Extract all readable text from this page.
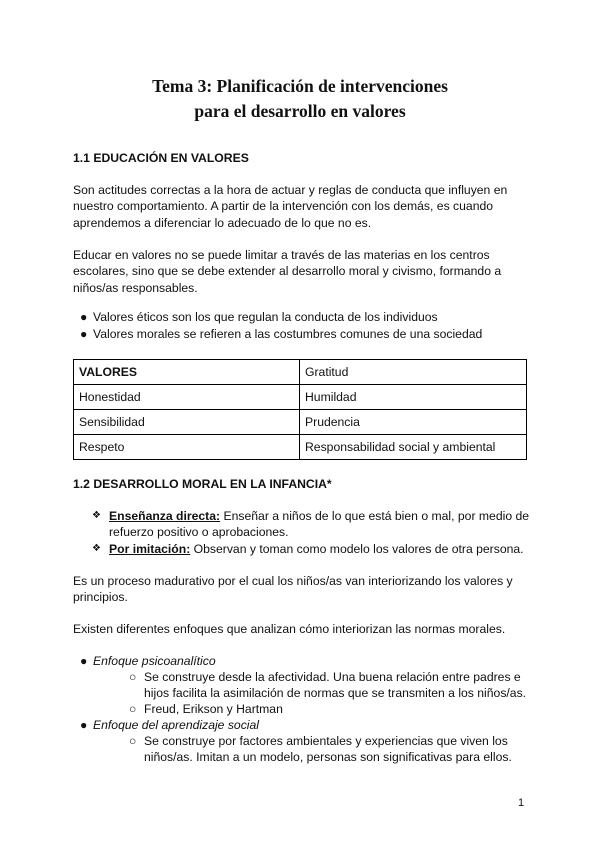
Tema 3: Planificación de intervenciones
para el desarrollo en valores
1.1 EDUCACIÓN EN VALORES
Son actitudes correctas a la hora de actuar y reglas de conducta que influyen en
nuestro comportamiento. A partir de la intervención con los demás, es cuando
aprendemos a diferenciar lo adecuado de lo que no es.
Educar en valores no se puede limitar a través de las materias en los centros
escolares, sino que se debe extender al desarrollo moral y civismo, formando a
niños/as responsables.
● Valores éticos son los que regulan la conducta de los individuos
● Valores morales se refieren a las costumbres comunes de una sociedad
VALORES	Gratitud
Honestidad	Humildad
Sensibilidad	Prudencia
Respeto	Responsabilidad social y ambiental
1.2 DESARROLLO MORAL EN LA INFANCIA*
❖ Enseñanza directa: Enseñar a niños de lo que está bien o mal, por medio de
refuerzo positivo o aprobaciones.
❖ Por imitación: Observan y toman como modelo los valores de otra persona.
Es un proceso madurativo por el cual los niños/as van interiorizando los valores y
principios.
Existen diferentes enfoques que analizan cómo interiorizan las normas morales.
● Enfoque psicoanalítico
○ Se construye desde la afectividad. Una buena relación entre padres e
hijos facilita la asimilación de normas que se transmiten a los niños/as.
○ Freud, Erikson y Hartman
● Enfoque del aprendizaje social
○ Se construye por factores ambientales y experiencias que viven los
niños/as. Imitan a un modelo, personas son significativas para ellos.
1
